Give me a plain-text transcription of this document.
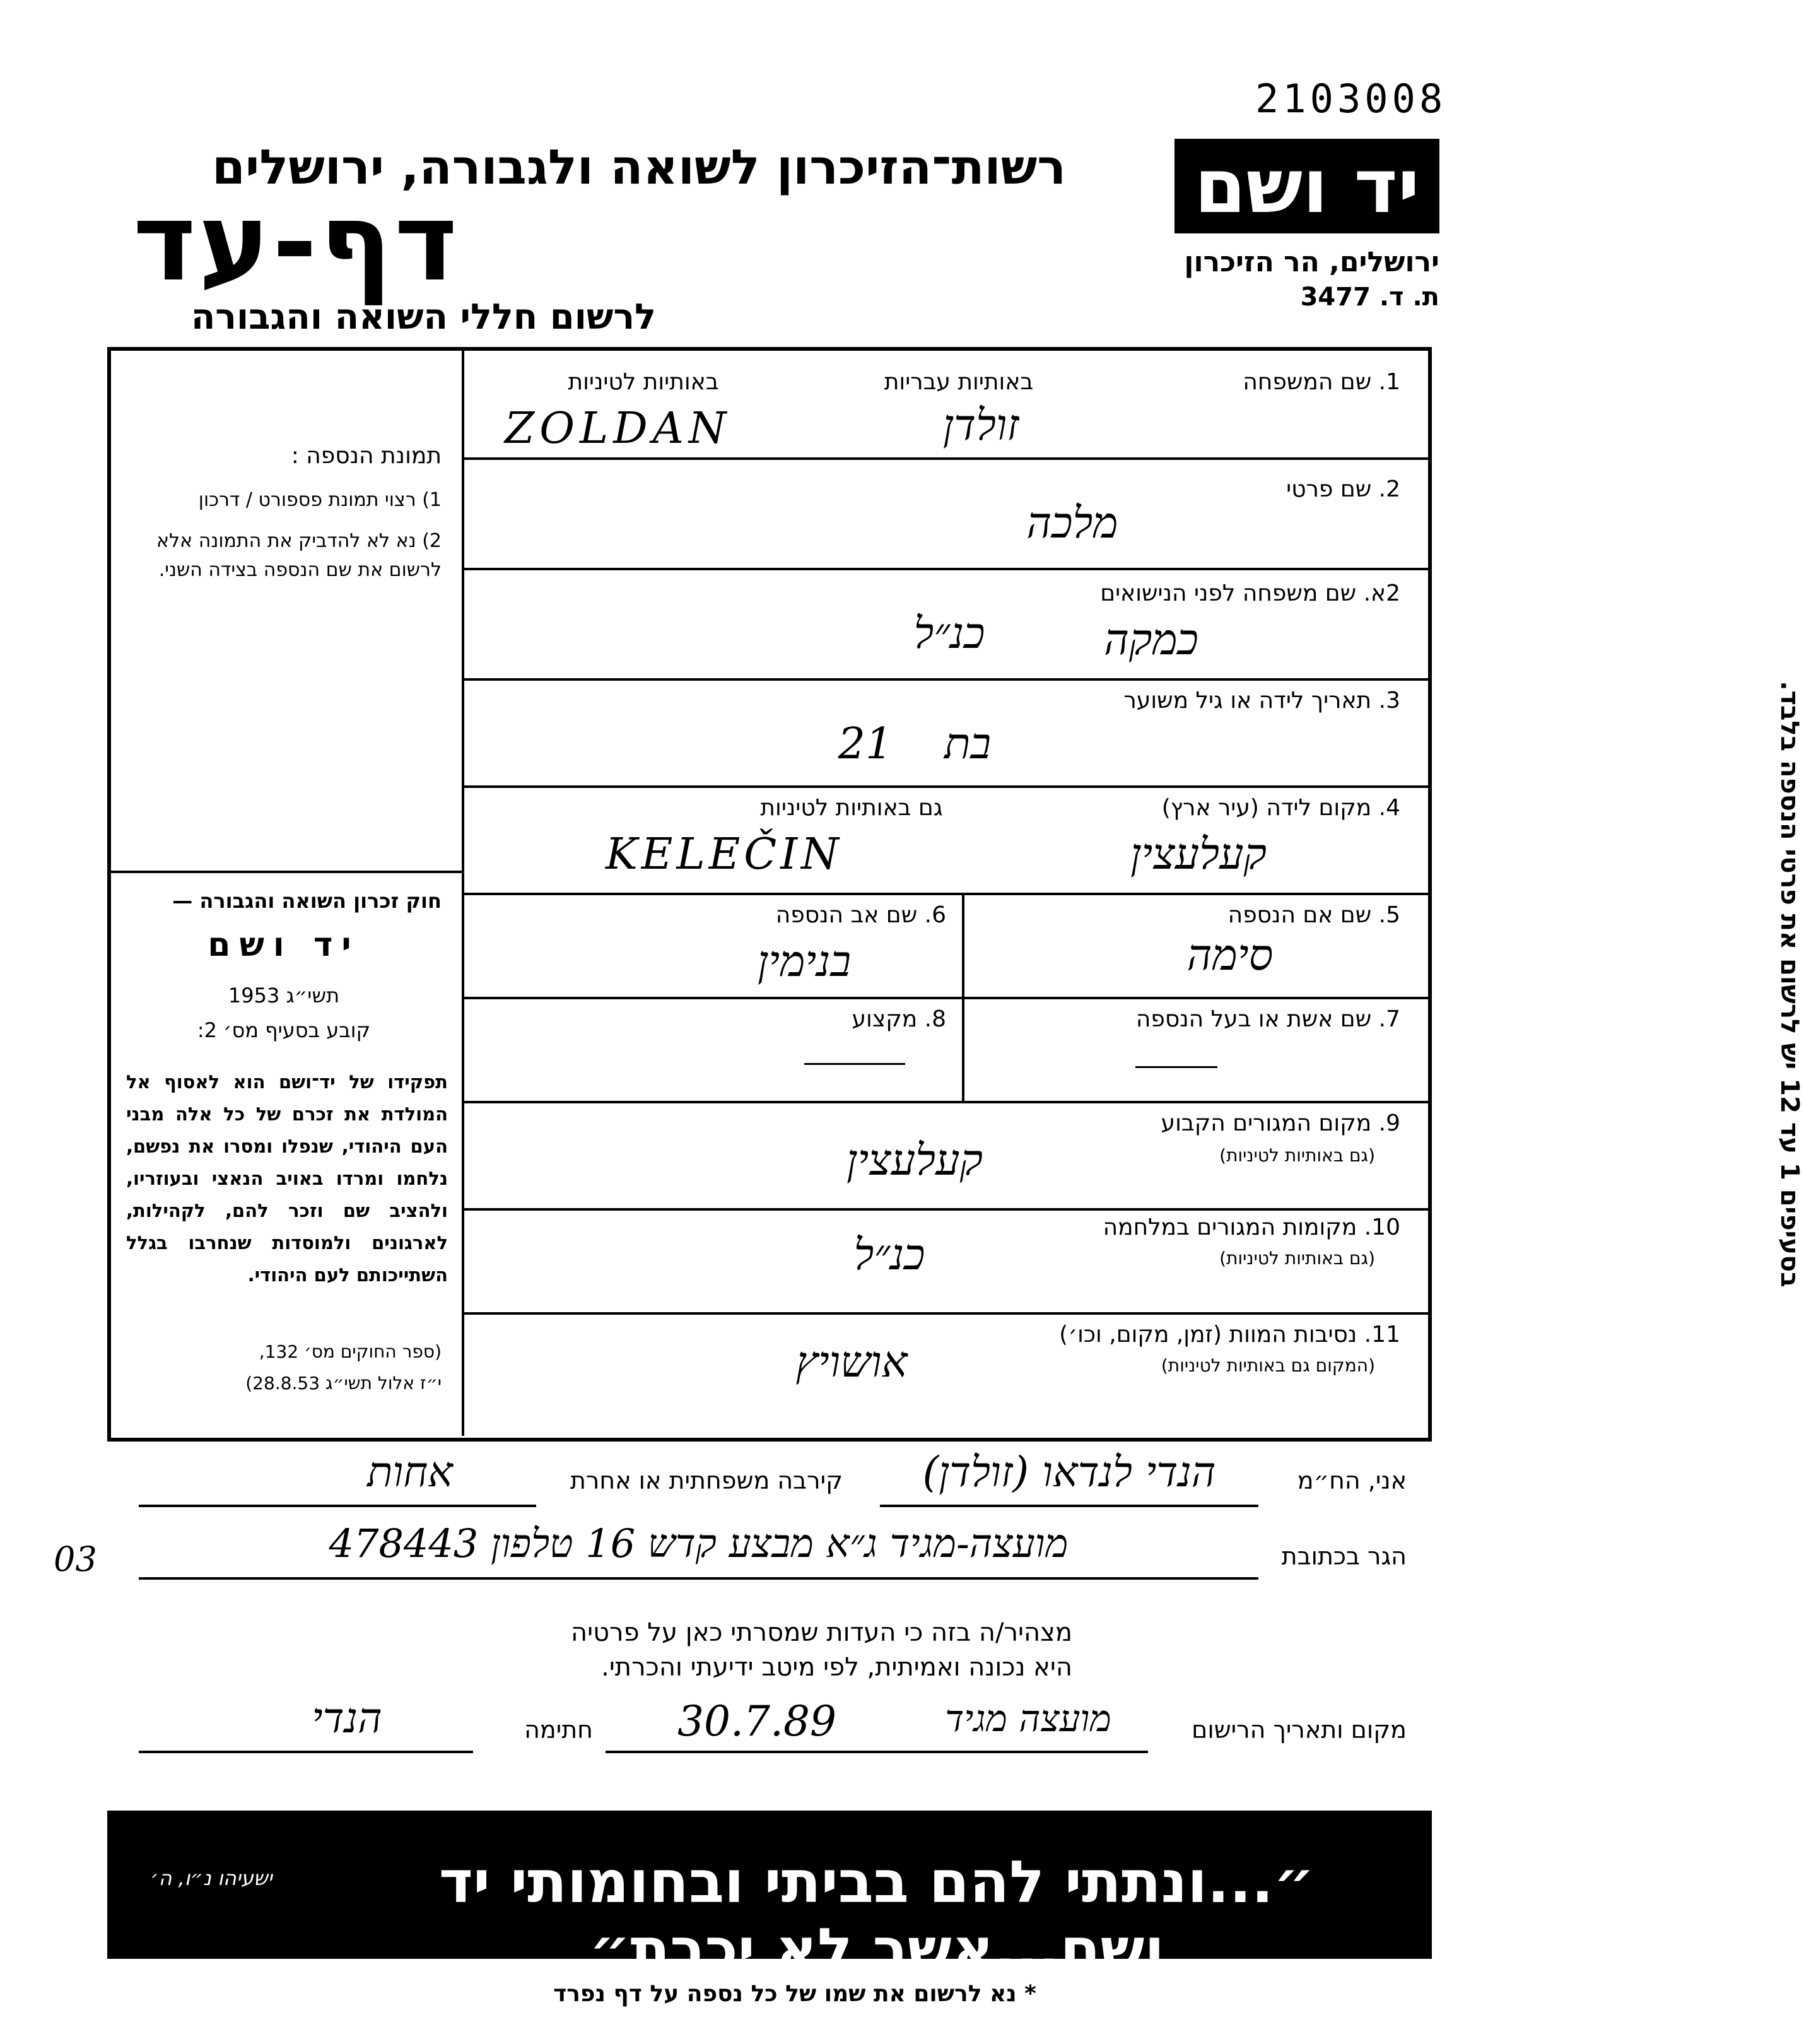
2103008
יד ושם
ירושלים, הר הזיכרון
ת. ד. 3477
רשות־הזיכרון לשואה ולגבורה, ירושלים
דף-עד
לרשום חללי השואה והגבורה
תמונת הנספה :
1) רצוי תמונת פספורט / דרכון
2) נא לא להדביק את התמונה אלא לרשום את שם הנספה בצידה השני.
חוק זכרון השואה והגבורה —
יד ושם
תשי״ג 1953
קובע בסעיף מס׳ 2:
תפקידו של יד־ושם הוא לאסוף אל המולדת את זכרם של כל אלה מבני העם היהודי, שנפלו ומסרו את נפשם, נלחמו ומרדו באויב הנאצי ובעוזריו, ולהציב שם וזכר להם, לקהילות, לארגונים ולמוסדות שנחרבו בגלל השתייכותם לעם היהודי.
(ספר החוקים מס׳ 132,
י״ז אלול תשי״ג 28.8.53)
1. שם המשפחה
באותיות עבריות
באותיות לטיניות
זולדן
ZOLDAN
2. שם פרטי
מלכה
2א. שם משפחה לפני הנישואים
כמקה
כנ״ל
3. תאריך לידה או גיל משוער
בת 21
4. מקום לידה (עיר ארץ)
גם באותיות לטיניות
קעלעצין
KELEČIN
5. שם אם הנספה
סימה
6. שם אב הנספה
בנימין
7. שם אשת או בעל הנספה
8. מקצוע
9. מקום המגורים הקבוע
(גם באותיות לטיניות)
קעלעצין
10. מקומות המגורים במלחמה
(גם באותיות לטיניות)
כנ״ל
11. נסיבות המוות (זמן, מקום, וכו׳)
(המקום גם באותיות לטיניות)
אושויץ
אני, הח״מ
הנדי לנדאו (זולדן)
קירבה משפחתית או אחרת
אחות
הגר בכתובת
מועצה-מגיד ג״א מבצע קדש 16 טלפון 478443
03
מצהיר/ה בזה כי העדות שמסרתי כאן על פרטיה
היא נכונה ואמיתית, לפי מיטב ידיעתי והכרתי.
מקום ותאריך הרישום
מועצה מגיד
30.7.89
חתימה
הנדי
״...ונתתי להם בביתי ובחומותי יד ושם...אשר לא יכרת״
ישעיהו נ״ו, ה׳
* נא לרשום את שמו של כל נספה על דף נפרד
בסעיפים 1 עד 12 יש לרשום את פרטי הנספה בלבד.
